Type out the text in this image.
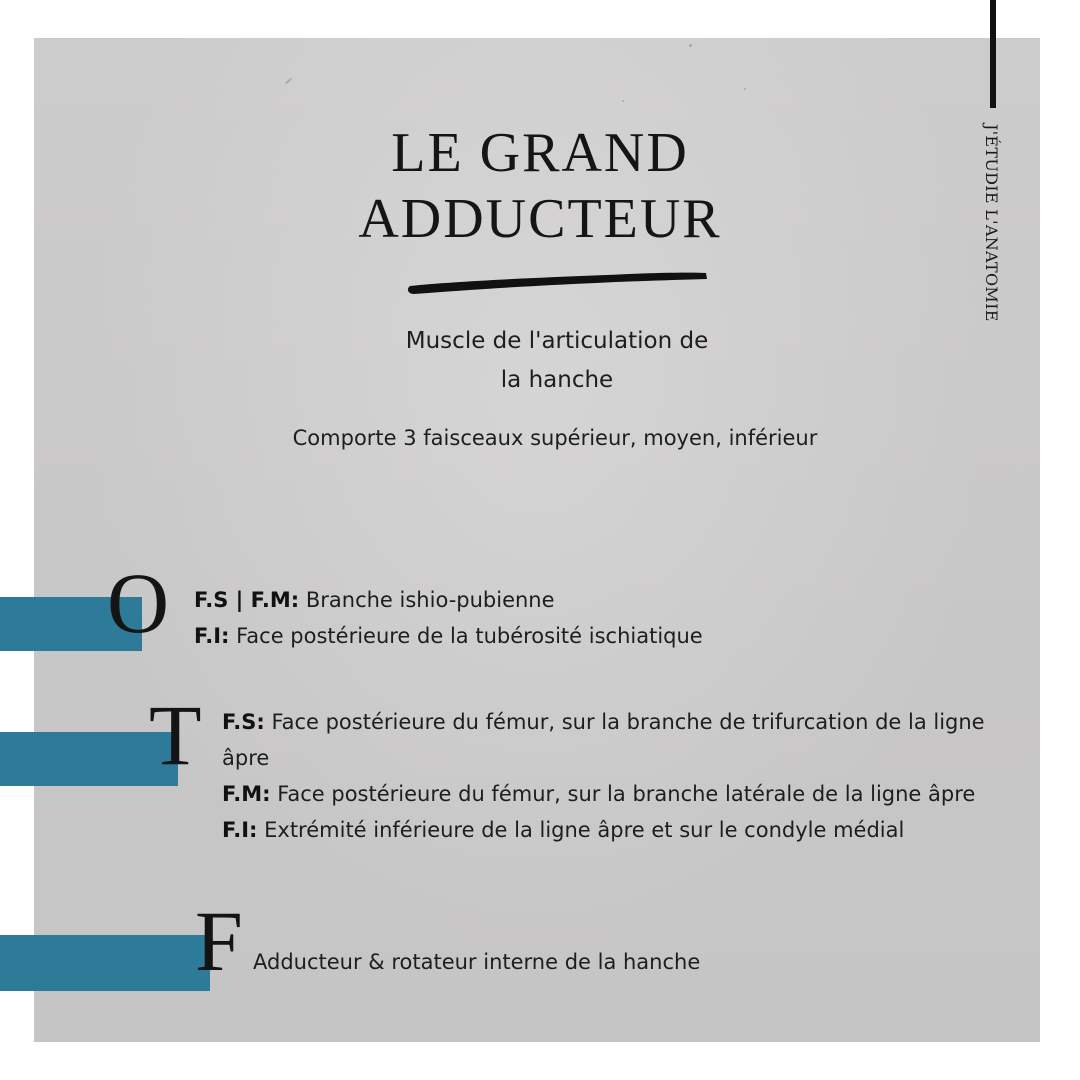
J'ÉTUDIE L'ANATOMIE
LE GRAND
ADDUCTEUR
Muscle de l'articulation de
la hanche
Comporte 3 faisceaux supérieur, moyen, inférieur
O F.S | F.M: Branche ishio-pubienne
F.I: Face postérieure de la tubérosité ischiatique
T F.S: Face postérieure du fémur, sur la branche de trifurcation de la ligne âpre
F.M: Face postérieure du fémur, sur la branche latérale de la ligne âpre
F.I: Extrémité inférieure de la ligne âpre et sur le condyle médial
F Adducteur & rotateur interne de la hanche
